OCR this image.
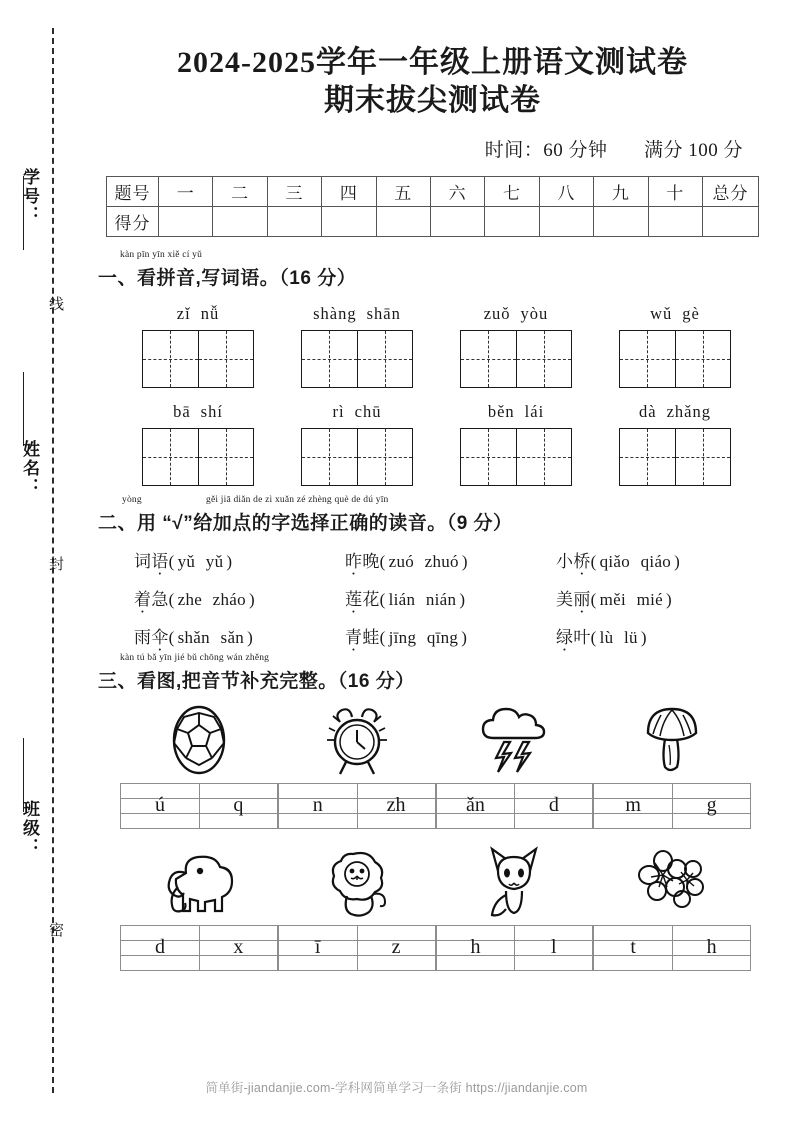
学号：
姓名：
班级：
线
封
密
2024-2025学年一年级上册语文测试卷
期末拔尖测试卷
时间：60 分钟 满分 100 分
题号	一	二	三	四	五	六	七	八	九	十	总分
得分											
kàn pīn yīn xiě cí yǔ
一、看拼音,写词语。（16 分）
zǐ nǚ	shàng shān	zuǒ yòu	wǔ gè
bā shí	rì chū	běn lái	dà zhǎng
yòng	gěi jiā diǎn de zì xuǎn zé zhèng què de dú yīn
二、用 “√”给加点的字选择正确的读音。（9 分）
词语( yǔ yǔ )	昨晚( zuó zhuó )	小桥( qiǎo qiáo )
着急( zhe zháo )	莲花( lián nián )	美丽( měi mié )
雨伞( shǎn sǎn )	青蛙( jīng qīng )	绿叶( lù lü )
kàn tú bǎ yīn jié bǔ chōng wán zhěng
三、看图,把音节补充完整。（16 分）
ú	q	n	zh	ǎn	d	m	g
d	x	ī	z	h	l	t	h
简单街-jiandanjie.com-学科网简单学习一条街 https://jiandanjie.com
